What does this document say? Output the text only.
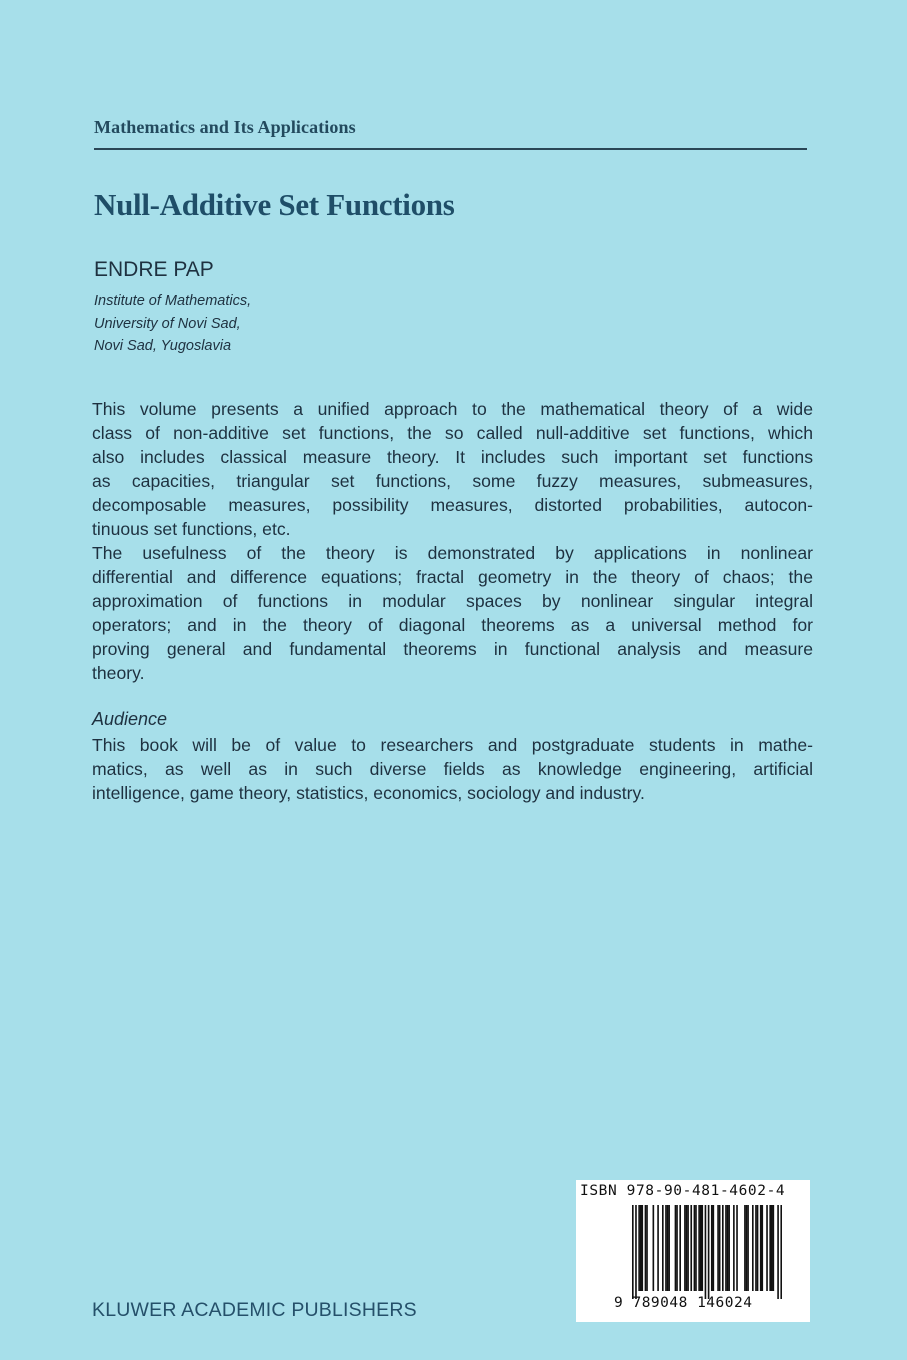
Mathematics and Its Applications
Null-Additive Set Functions
ENDRE PAP
Institute of Mathematics,
University of Novi Sad,
Novi Sad, Yugoslavia
This volume presents a unified approach to the mathematical theory of a wide
class of non-additive set functions, the so called null-additive set functions, which
also includes classical measure theory. It includes such important set functions
as capacities, triangular set functions, some fuzzy measures, submeasures,
decomposable measures, possibility measures, distorted probabilities, autocon-
tinuous set functions, etc.
The usefulness of the theory is demonstrated by applications in nonlinear
differential and difference equations; fractal geometry in the theory of chaos; the
approximation of functions in modular spaces by nonlinear singular integral
operators; and in the theory of diagonal theorems as a universal method for
proving general and fundamental theorems in functional analysis and measure
theory.
Audience
This book will be of value to researchers and postgraduate students in mathe-
matics, as well as in such diverse fields as knowledge engineering, artificial
intelligence, game theory, statistics, economics, sociology and industry.
KLUWER ACADEMIC PUBLISHERS
ISBN 978-90-481-4602-4
9 789048 146024
